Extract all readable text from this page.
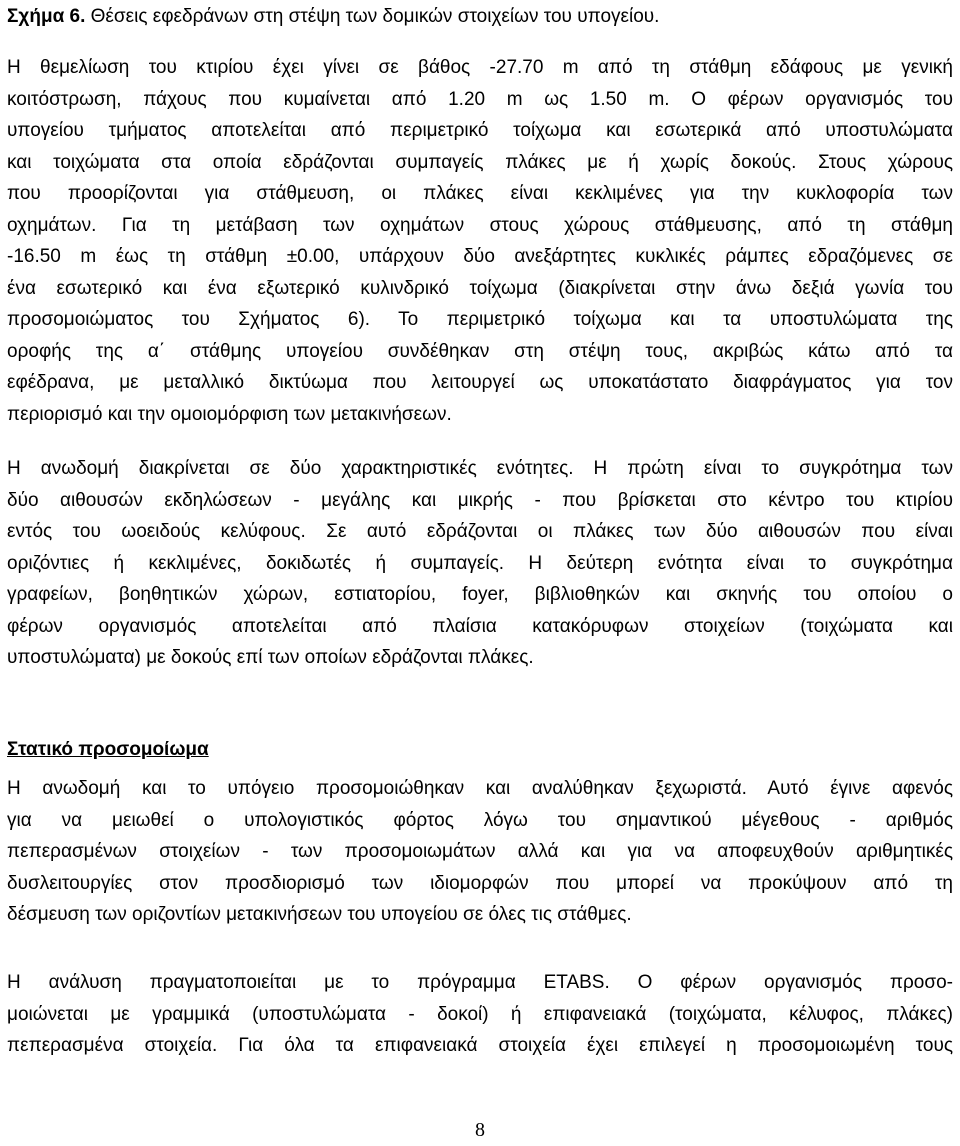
Σχήμα 6. Θέσεις εφεδράνων στη στέψη των δομικών στοιχείων του υπογείου.

Η θεμελίωση του κτιρίου έχει γίνει σε βάθος -27.70 m από τη στάθμη εδάφους με γενική
κοιτόστρωση, πάχους που κυμαίνεται από 1.20 m ως 1.50 m. Ο φέρων οργανισμός του
υπογείου τμήματος αποτελείται από περιμετρικό τοίχωμα και εσωτερικά από υποστυλώματα
και τοιχώματα στα οποία εδράζονται συμπαγείς πλάκες με ή χωρίς δοκούς. Στους χώρους
που προορίζονται για στάθμευση, οι πλάκες είναι κεκλιμένες για την κυκλοφορία των
οχημάτων. Για τη μετάβαση των οχημάτων στους χώρους στάθμευσης, από τη στάθμη
-16.50 m έως τη στάθμη ±0.00, υπάρχουν δύο ανεξάρτητες κυκλικές ράμπες εδραζόμενες σε
ένα εσωτερικό και ένα εξωτερικό κυλινδρικό τοίχωμα (διακρίνεται στην άνω δεξιά γωνία του
προσομοιώματος του Σχήματος 6). Το περιμετρικό τοίχωμα και τα υποστυλώματα της
οροφής της α΄ στάθμης υπογείου συνδέθηκαν στη στέψη τους, ακριβώς κάτω από τα
εφέδρανα, με μεταλλικό δικτύωμα που λειτουργεί ως υποκατάστατο διαφράγματος για τον
περιορισμό και την ομοιομόρφιση των μετακινήσεων.
Η ανωδομή διακρίνεται σε δύο χαρακτηριστικές ενότητες. Η πρώτη είναι το συγκρότημα των
δύο αιθουσών εκδηλώσεων - μεγάλης και μικρής - που βρίσκεται στο κέντρο του κτιρίου
εντός του ωοειδούς κελύφους. Σε αυτό εδράζονται οι πλάκες των δύο αιθουσών που είναι
οριζόντιες ή κεκλιμένες, δοκιδωτές ή συμπαγείς. Η δεύτερη ενότητα είναι το συγκρότημα
γραφείων, βοηθητικών χώρων, εστιατορίου, foyer, βιβλιοθηκών και σκηνής του οποίου ο
φέρων οργανισμός αποτελείται από πλαίσια κατακόρυφων στοιχείων (τοιχώματα και
υποστυλώματα) με δοκούς επί των οποίων εδράζονται πλάκες.

Στατικό προσομοίωμα

Η ανωδομή και το υπόγειο προσομοιώθηκαν και αναλύθηκαν ξεχωριστά. Αυτό έγινε αφενός
για να μειωθεί ο υπολογιστικός φόρτος λόγω του σημαντικού μέγεθους - αριθμός
πεπερασμένων στοιχείων - των προσομοιωμάτων αλλά και για να αποφευχθούν αριθμητικές
δυσλειτουργίες στον προσδιορισμό των ιδιομορφών που μπορεί να προκύψουν από τη
δέσμευση των οριζοντίων μετακινήσεων του υπογείου σε όλες τις στάθμες.
Η ανάλυση πραγματοποιείται με το πρόγραμμα ETABS. Ο φέρων οργανισμός προσο-
μοιώνεται με γραμμικά (υποστυλώματα - δοκοί) ή επιφανειακά (τοιχώματα, κέλυφος, πλάκες)
πεπερασμένα στοιχεία. Για όλα τα επιφανειακά στοιχεία έχει επιλεγεί η προσομοιωμένη τους
8
